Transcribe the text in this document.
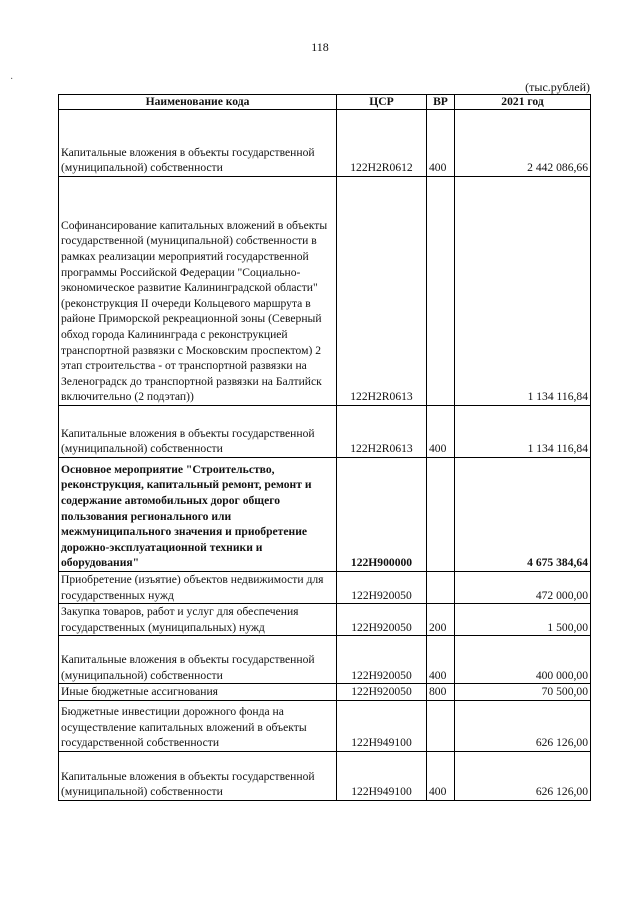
118
·
(тыс.рублей)
Наименование кода	ЦСР	ВР	2021 год
Капитальные вложения в объекты государственной (муниципальной) собственности	122H2R0612	400	2 442 086,66
Софинансирование капитальных вложений в объекты государственной (муниципальной) собственности в рамках реализации мероприятий государственной программы Российской Федерации "Социально-экономическое развитие Калининградской области"(реконструкция II очереди Кольцевого маршрута в районе Приморской рекреационной зоны (Северный обход города Калининграда с реконструкцией транспортной развязки с Московским проспектом) 2 этап строительства - от транспортной развязки на Зеленоградск до транспортной развязки на Балтийск включительно (2 подэтап))	122H2R0613		1 134 116,84
Капитальные вложения в объекты государственной (муниципальной) собственности	122H2R0613	400	1 134 116,84
Основное мероприятие "Строительство, реконструкция, капитальный ремонт, ремонт и содержание автомобильных дорог общего пользования регионального или межмуниципального значения и приобретение дорожно-эксплуатационной техники и оборудования"	122H900000		4 675 384,64
Приобретение (изъятие) объектов недвижимости для государственных нужд	122H920050		472 000,00
Закупка товаров, работ и услуг для обеспечения государственных (муниципальных) нужд	122H920050	200	1 500,00
Капитальные вложения в объекты государственной (муниципальной) собственности	122H920050	400	400 000,00
Иные бюджетные ассигнования	122H920050	800	70 500,00
Бюджетные инвестиции дорожного фонда на осуществление капитальных вложений в объекты государственной собственности	122H949100		626 126,00
Капитальные вложения в объекты государственной (муниципальной) собственности	122H949100	400	626 126,00
